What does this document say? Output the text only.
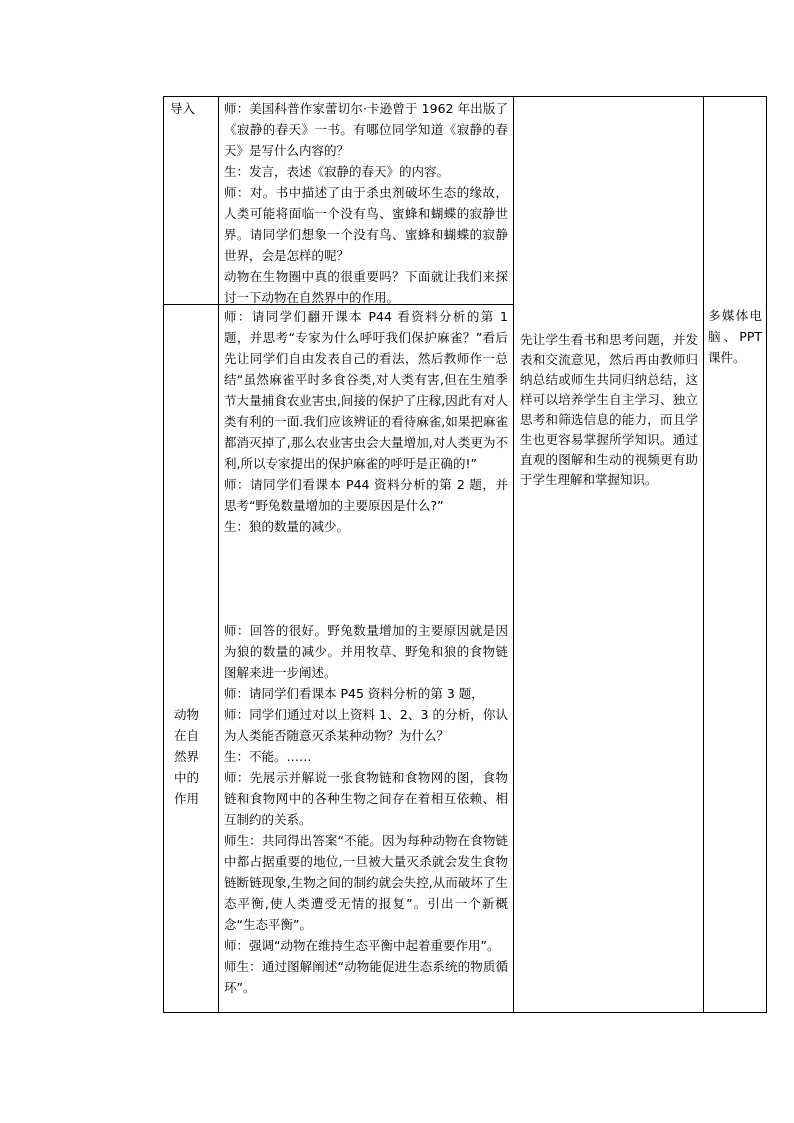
导入	师：美国科普作家蕾切尔·卡逊曾于 1962 年出版了《寂静的春天》一书。有哪位同学知道《寂静的春天》是写什么内容的？

生：发言，表述《寂静的春天》的内容。

师：对。书中描述了由于杀虫剂破坏生态的缘故，人类可能将面临一个没有鸟、蜜蜂和蝴蝶的寂静世界。请同学们想象一个没有鸟、蜜蜂和蝴蝶的寂静世界，会是怎样的呢？

动物在生物圈中真的很重要吗？下面就让我们来探讨一下动物在自然界中的作用。

动物
在自
然界
中的
作用

师：请同学们翻开课本 P44 看资料分析的第 1 题，并思考“专家为什么呼吁我们保护麻雀？”看后先让同学们自由发表自己的看法，然后教师作一总结“虽然麻雀平时多食谷类,对人类有害,但在生殖季节大量捕食农业害虫,间接的保护了庄稼,因此有对人类有利的一面.我们应该辨证的看待麻雀,如果把麻雀都消灭掉了,那么农业害虫会大量增加,对人类更为不利,所以专家提出的保护麻雀的呼吁是正确的!”

师：请同学们看课本 P44 资料分析的第 2 题，并思考“野兔数量增加的主要原因是什么?”

生：狼的数量的减少。

师：回答的很好。野兔数量增加的主要原因就是因为狼的数量的减少。并用牧草、野兔和狼的食物链图解来进一步阐述。

师：请同学们看课本 P45 资料分析的第 3 题，

师：同学们通过对以上资料 1、2、3 的分析，你认为人类能否随意灭杀某种动物？为什么？

生：不能。……

师：先展示并解说一张食物链和食物网的图，食物链和食物网中的各种生物之间存在着相互依赖、相互制约的关系。

师生：共同得出答案“不能。因为每种动物在食物链中都占据重要的地位,一旦被大量灭杀就会发生食物链断链现象,生物之间的制约就会失控,从而破坏了生态平衡,使人类遭受无情的报复”。引出一个新概念“生态平衡”。

师：强调“动物在维持生态平衡中起着重要作用”。

师生：通过图解阐述“动物能促进生态系统的物质循环”。

先让学生看书和思考问题，并发表和交流意见，然后再由教师归纳总结或师生共同归纳总结，这样可以培养学生自主学习、独立思考和筛选信息的能力，而且学生也更容易掌握所学知识。通过直观的图解和生动的视频更有助于学生理解和掌握知识。
多媒体电脑、PPT 课件。
